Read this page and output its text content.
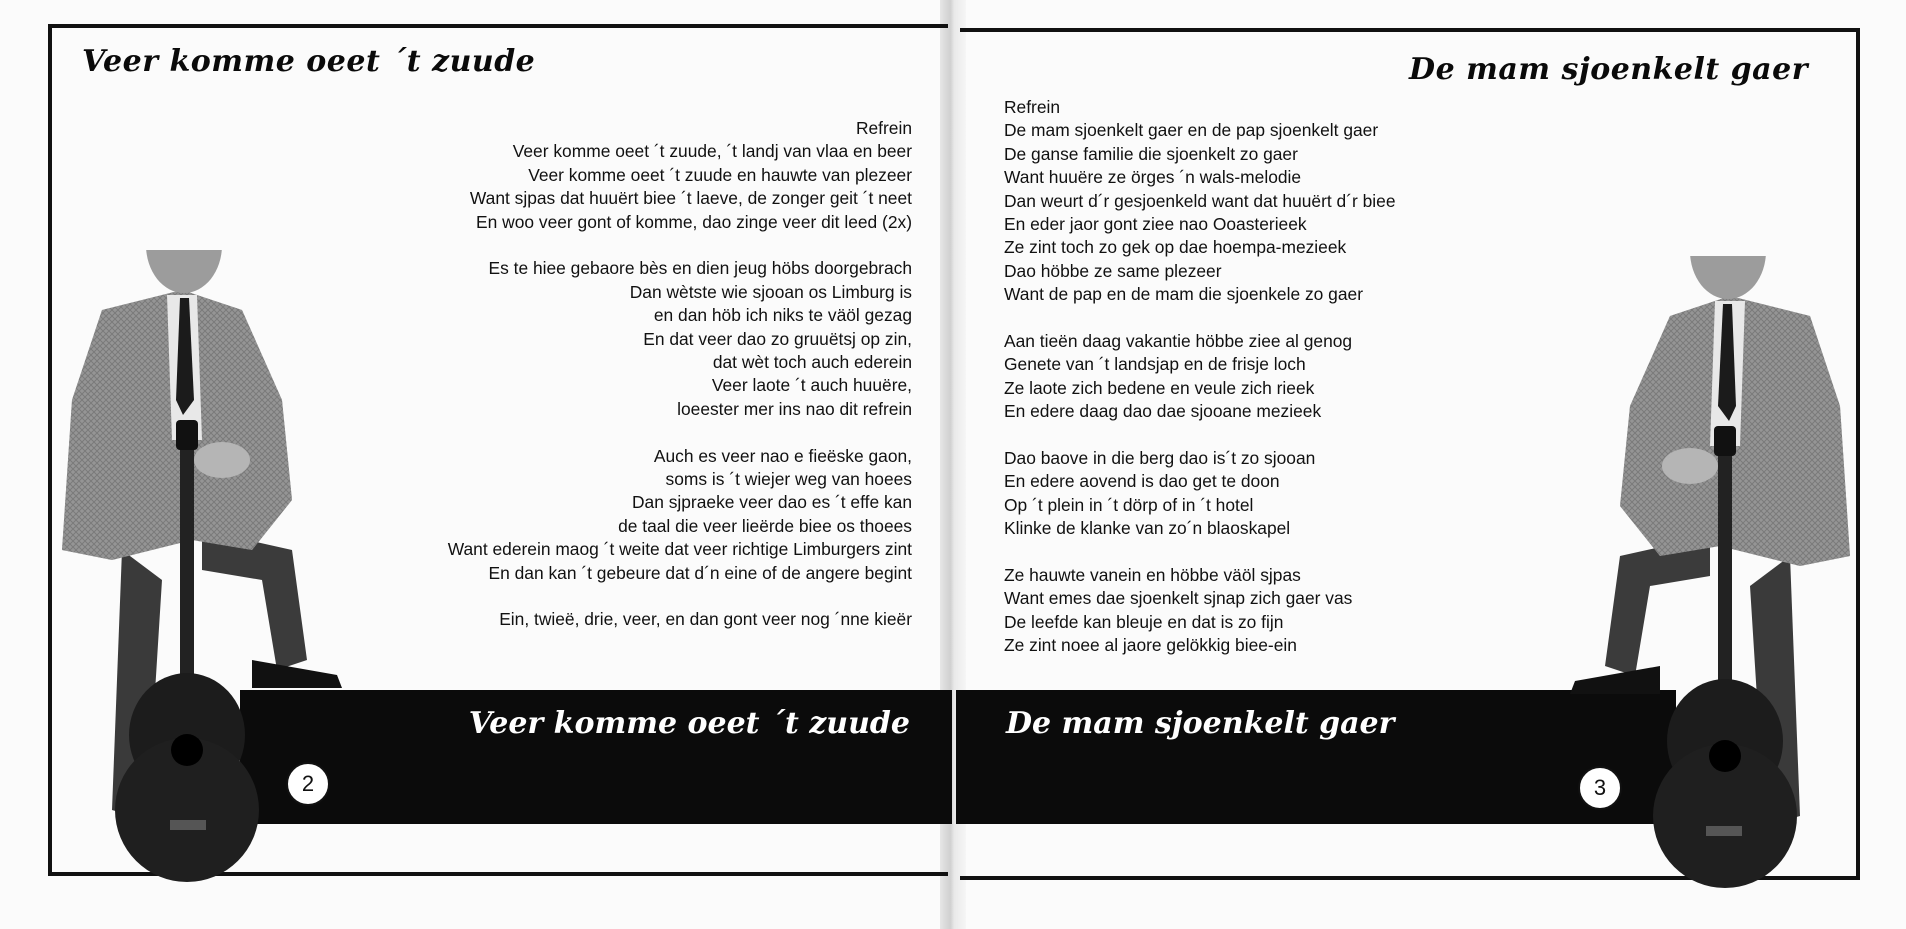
Veer komme oeet ´t zuude	De mam sjoenkelt gaer
Refrein
Veer komme oeet ´t zuude, ´t landj van vlaa en beer
Veer komme oeet ´t zuude en hauwte van plezeer
Want sjpas dat huuërt biee ´t laeve, de zonger geit ´t neet
En woo veer gont of komme, dao zinge veer dit leed (2x)
Es te hiee gebaore bès en dien jeug höbs doorgebrach
Dan wètste wie sjooan os Limburg is
en dan höb ich niks te väöl gezag
En dat veer dao zo gruuëtsj op zin,
dat wèt toch auch ederein
Veer laote ´t auch huuëre,
loeester mer ins nao dit refrein
Auch es veer nao e fieëske gaon,
soms is ´t wiejer weg van hoees
Dan sjpraeke veer dao es ´t effe kan
de taal die veer lieërde biee os thoees
Want ederein maog ´t weite dat veer richtige Limburgers zint
En dan kan ´t gebeure dat d´n eine of de angere begint
Ein, twieë, drie, veer, en dan gont veer nog ´nne kieër
Refrein
De mam sjoenkelt gaer en de pap sjoenkelt gaer
De ganse familie die sjoenkelt zo gaer
Want huuëre ze örges ´n wals-melodie
Dan weurt d´r gesjoenkeld want dat huuërt d´r biee
En eder jaor gont ziee nao Ooasterieek
Ze zint toch zo gek op dae hoempa-mezieek
Dao höbbe ze same plezeer
Want de pap en de mam die sjoenkele zo gaer
Aan tieën daag vakantie höbbe ziee al genog
Genete van ´t landsjap en de frisje loch
Ze laote zich bedene en veule zich rieek
En edere daag dao dae sjooane mezieek
Dao baove in die berg dao is´t zo sjooan
En edere aovend is dao get te doon
Op ´t plein in ´t dörp of in ´t hotel
Klinke de klanke van zo´n blaoskapel
Ze hauwte vanein en höbbe väöl sjpas
Want emes dae sjoenkelt sjnap zich gaer vas
De leefde kan bleuje en dat is zo fijn
Ze zint noee al jaore gelökkig biee-ein
Veer komme oeet ´t zuude	De mam sjoenkelt gaer
2	3
